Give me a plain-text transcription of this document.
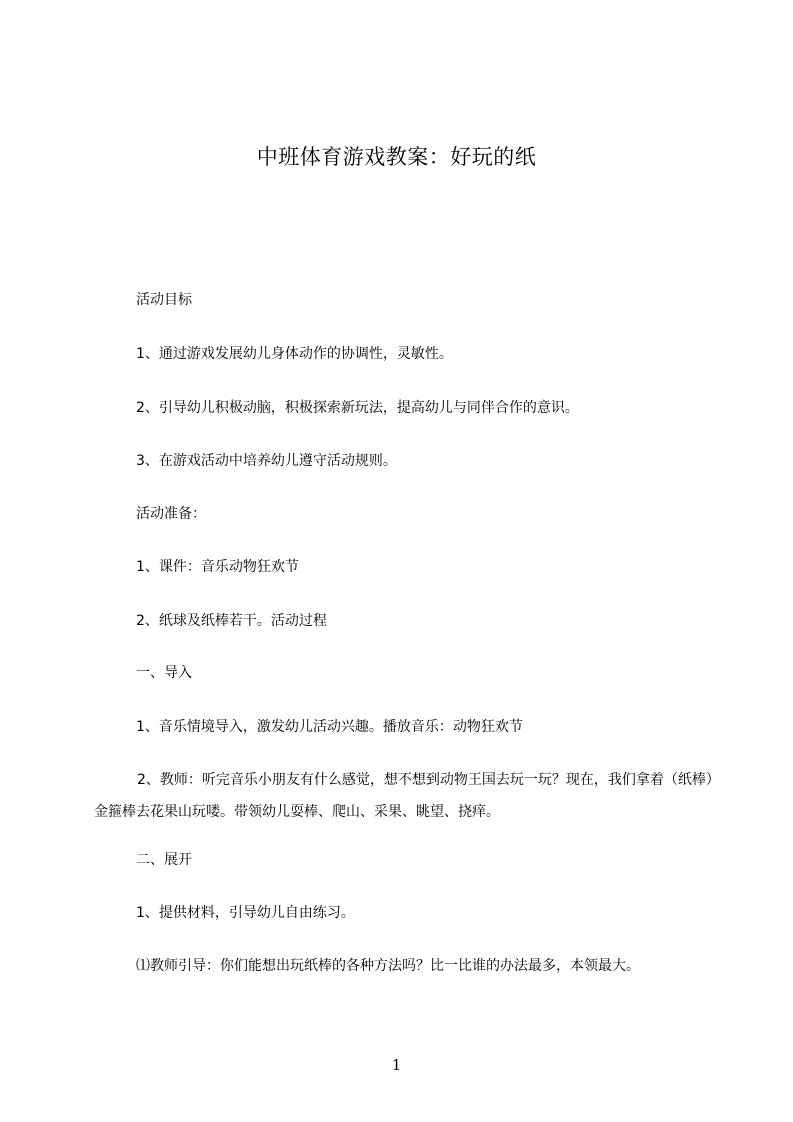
中班体育游戏教案：好玩的纸
活动目标
1、通过游戏发展幼儿身体动作的协调性，灵敏性。
2、引导幼儿积极动脑，积极探索新玩法，提高幼儿与同伴合作的意识。
3、在游戏活动中培养幼儿遵守活动规则。
活动准备：
1、课件：音乐动物狂欢节
2、纸球及纸棒若干。活动过程
一、导入
1、音乐情境导入，激发幼儿活动兴趣。播放音乐：动物狂欢节
2、教师：听完音乐小朋友有什么感觉，想不想到动物王国去玩一玩？现在，我们拿着（纸棒）金箍棒去花果山玩喽。带领幼儿耍棒、爬山、采果、眺望、挠痒。
二、展开
1、提供材料，引导幼儿自由练习。
⑴教师引导：你们能想出玩纸棒的各种方法吗？比一比谁的办法最多，本领最大。
1
